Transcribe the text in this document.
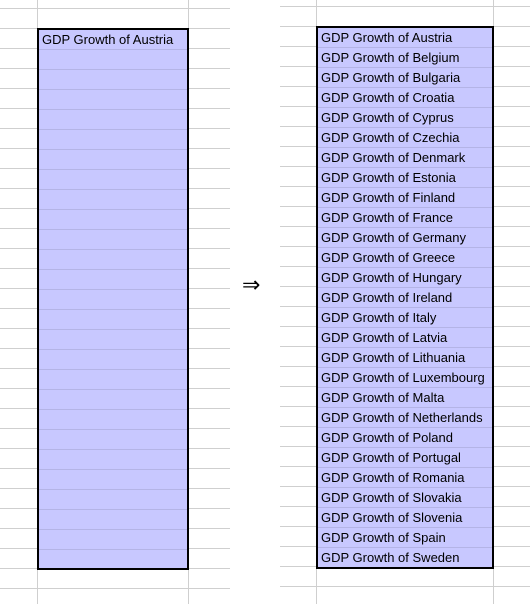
GDP Growth of Austria
⇒
GDP Growth of Austria
GDP Growth of Belgium
GDP Growth of Bulgaria
GDP Growth of Croatia
GDP Growth of Cyprus
GDP Growth of Czechia
GDP Growth of Denmark
GDP Growth of Estonia
GDP Growth of Finland
GDP Growth of France
GDP Growth of Germany
GDP Growth of Greece
GDP Growth of Hungary
GDP Growth of Ireland
GDP Growth of Italy
GDP Growth of Latvia
GDP Growth of Lithuania
GDP Growth of Luxembourg
GDP Growth of Malta
GDP Growth of Netherlands
GDP Growth of Poland
GDP Growth of Portugal
GDP Growth of Romania
GDP Growth of Slovakia
GDP Growth of Slovenia
GDP Growth of Spain
GDP Growth of Sweden
